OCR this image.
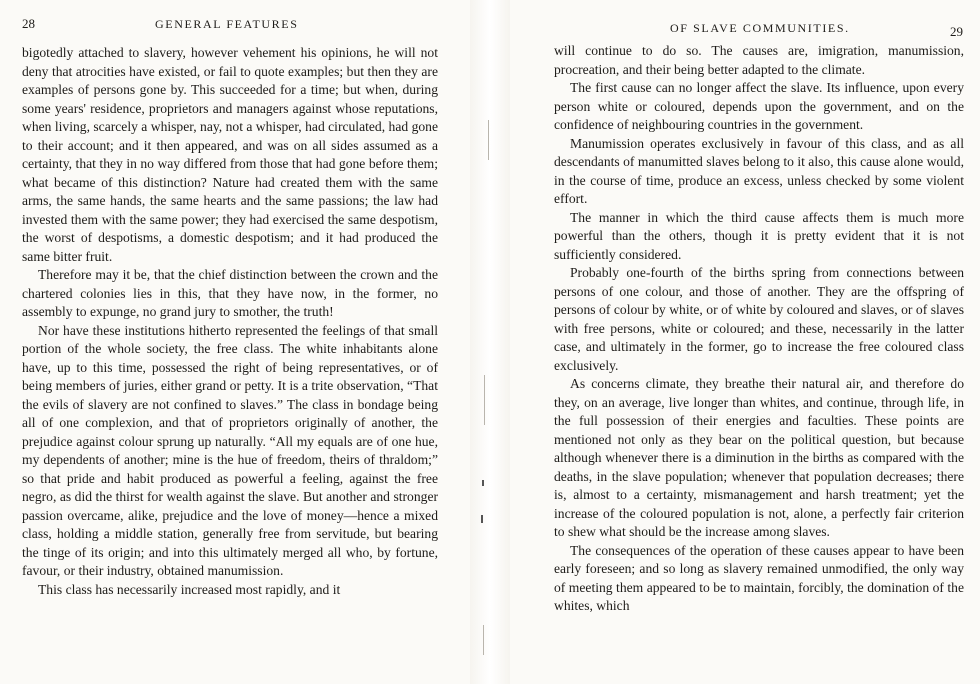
28	GENERAL FEATURES

bigotedly attached to slavery, however vehement his opinions, he will not deny that atrocities have existed, or fail to quote examples; but then they are examples of persons gone by. This succeeded for a time; but when, during some years' residence, proprietors and managers against whose reputations, when living, scarcely a whisper, nay, not a whisper, had circulated, had gone to their account; and it then appeared, and was on all sides assumed as a certainty, that they in no way differed from those that had gone before them; what became of this distinction? Nature had created them with the same arms, the same hands, the same hearts and the same passions; the law had invested them with the same power; they had exercised the same despotism, the worst of despotisms, a domestic despotism; and it had produced the same bitter fruit.

Therefore may it be, that the chief distinction between the crown and the chartered colonies lies in this, that they have now, in the former, no assembly to expunge, no grand jury to smother, the truth!

Nor have these institutions hitherto represented the feelings of that small portion of the whole society, the free class. The white inhabitants alone have, up to this time, possessed the right of being representatives, or of being members of juries, either grand or petty. It is a trite observation, “That the evils of slavery are not confined to slaves.” The class in bondage being all of one complexion, and that of proprietors originally of another, the prejudice against colour sprung up naturally. “All my equals are of one hue, my dependents of another; mine is the hue of freedom, theirs of thraldom;” so that pride and habit produced as powerful a feeling, against the free negro, as did the thirst for wealth against the slave. But another and stronger passion overcame, alike, prejudice and the love of money—hence a mixed class, holding a middle station, generally free from servitude, but bearing the tinge of its origin; and into this ultimately merged all who, by fortune, favour, or their industry, obtained manumission.

This class has necessarily increased most rapidly, and it

OF SLAVE COMMUNITIES.	29

will continue to do so. The causes are, imigration, manumission, procreation, and their being better adapted to the climate.

The first cause can no longer affect the slave. Its influence, upon every person white or coloured, depends upon the government, and on the confidence of neighbouring countries in the government.

Manumission operates exclusively in favour of this class, and as all descendants of manumitted slaves belong to it also, this cause alone would, in the course of time, produce an excess, unless checked by some violent effort.

The manner in which the third cause affects them is much more powerful than the others, though it is pretty evident that it is not sufficiently considered.

Probably one-fourth of the births spring from connections between persons of one colour, and those of another. They are the offspring of persons of colour by white, or of white by coloured and slaves, or of slaves with free persons, white or coloured; and these, necessarily in the latter case, and ultimately in the former, go to increase the free coloured class exclusively.

As concerns climate, they breathe their natural air, and therefore do they, on an average, live longer than whites, and continue, through life, in the full possession of their energies and faculties. These points are mentioned not only as they bear on the political question, but because although whenever there is a diminution in the births as compared with the deaths, in the slave population; whenever that population decreases; there is, almost to a certainty, mismanagement and harsh treatment; yet the increase of the coloured population is not, alone, a perfectly fair criterion to shew what should be the increase among slaves.

The consequences of the operation of these causes appear to have been early foreseen; and so long as slavery remained unmodified, the only way of meeting them appeared to be to maintain, forcibly, the domination of the whites, which
